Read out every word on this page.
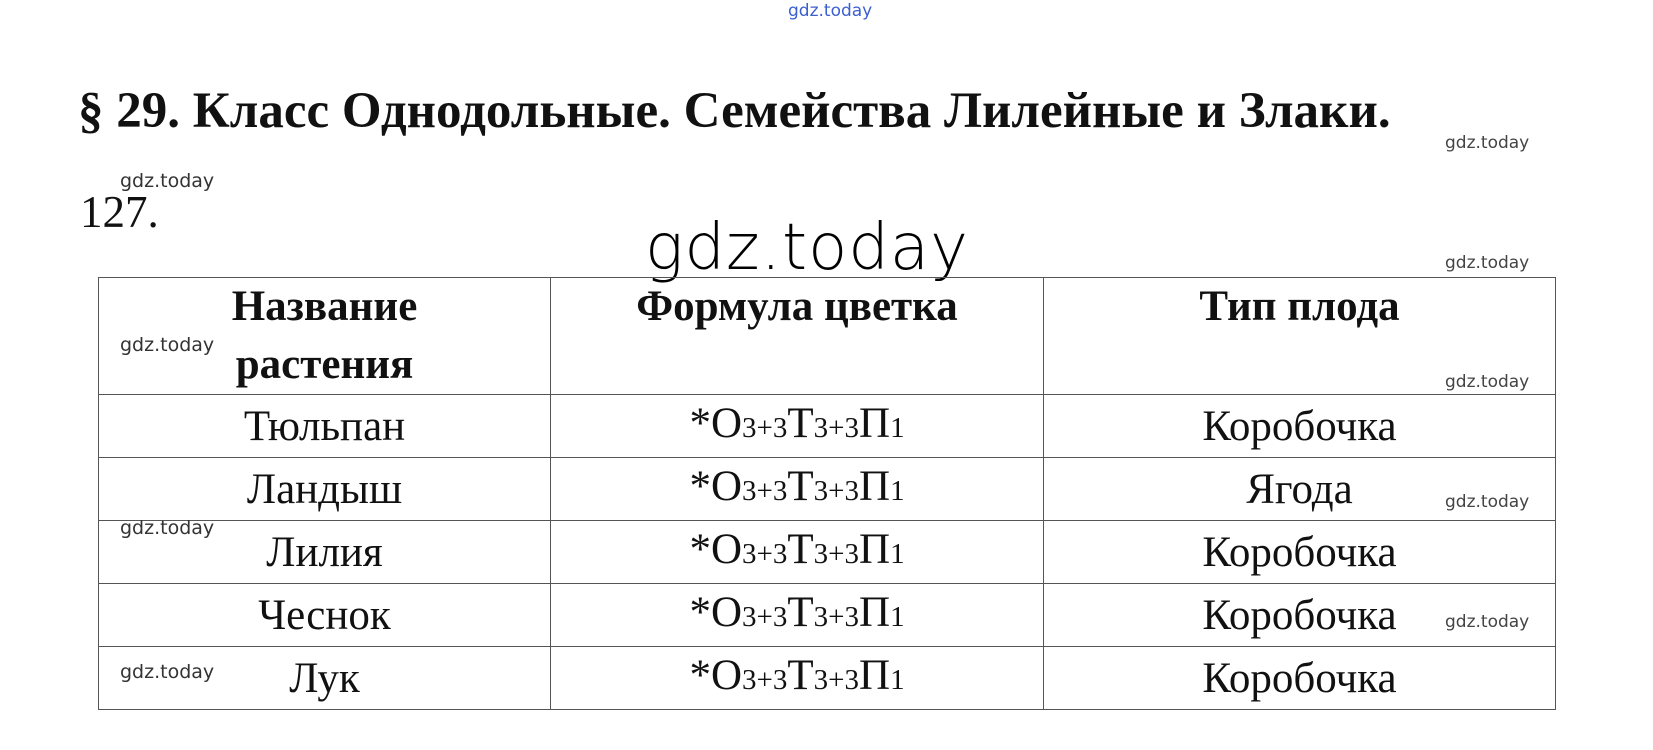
gdz.today
gdz.today
gdz.today
gdz.today
gdz.today
gdz.today
gdz.today
gdz.today
gdz.today
gdz.today
gdz.today
§ 29. Класс Однодольные. Семейства Лилейные и Злаки.
127.
Название растения	Формула цветка	Тип плода
Тюльпан	*О3+3Т3+3П1	Коробочка
Ландыш	*О3+3Т3+3П1	Ягода
Лилия	*О3+3Т3+3П1	Коробочка
Чеснок	*О3+3Т3+3П1	Коробочка
Лук	*О3+3Т3+3П1	Коробочка
